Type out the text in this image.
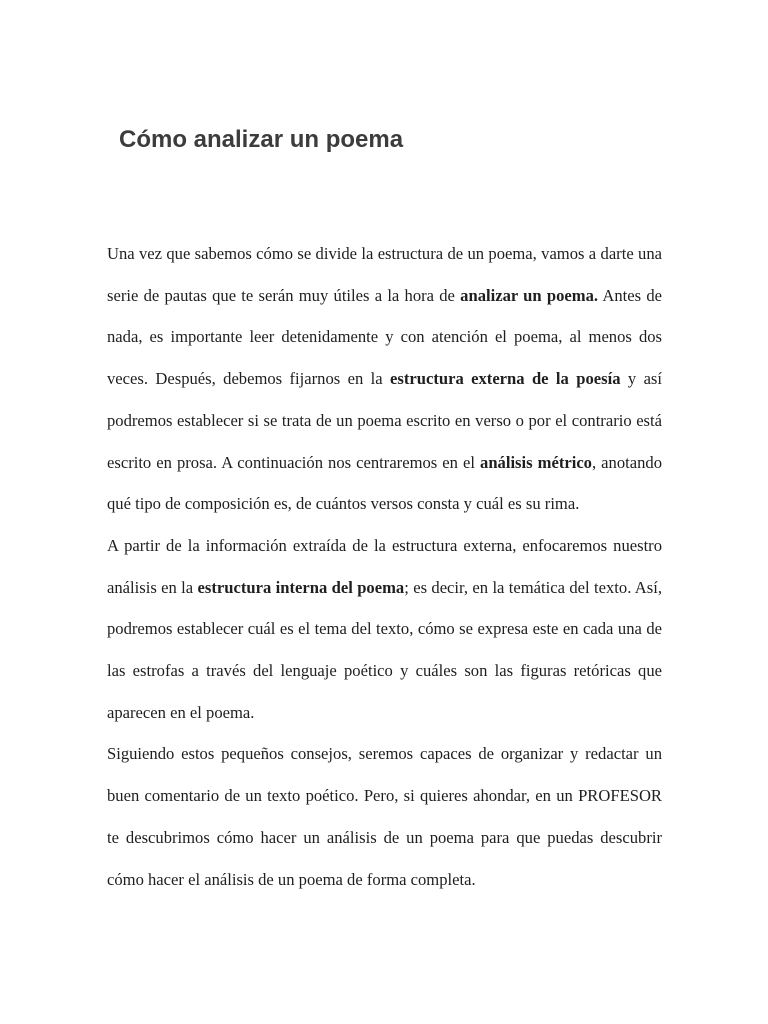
Cómo analizar un poema

Una vez que sabemos cómo se divide la estructura de un poema, vamos a darte una serie de pautas que te serán muy útiles a la hora de analizar un poema. Antes de nada, es importante leer detenidamente y con atención el poema, al menos dos veces. Después, debemos fijarnos en la estructura externa de la poesía y así podremos establecer si se trata de un poema escrito en verso o por el contrario está escrito en prosa. A continuación nos centraremos en el análisis métrico, anotando qué tipo de composición es, de cuántos versos consta y cuál es su rima.

A partir de la información extraída de la estructura externa, enfocaremos nuestro análisis en la estructura interna del poema; es decir, en la temática del texto. Así, podremos establecer cuál es el tema del texto, cómo se expresa este en cada una de las estrofas a través del lenguaje poético y cuáles son las figuras retóricas que aparecen en el poema.

Siguiendo estos pequeños consejos, seremos capaces de organizar y redactar un buen comentario de un texto poético. Pero, si quieres ahondar, en un PROFESOR te descubrimos cómo hacer un análisis de un poema para que puedas descubrir cómo hacer el análisis de un poema de forma completa.
